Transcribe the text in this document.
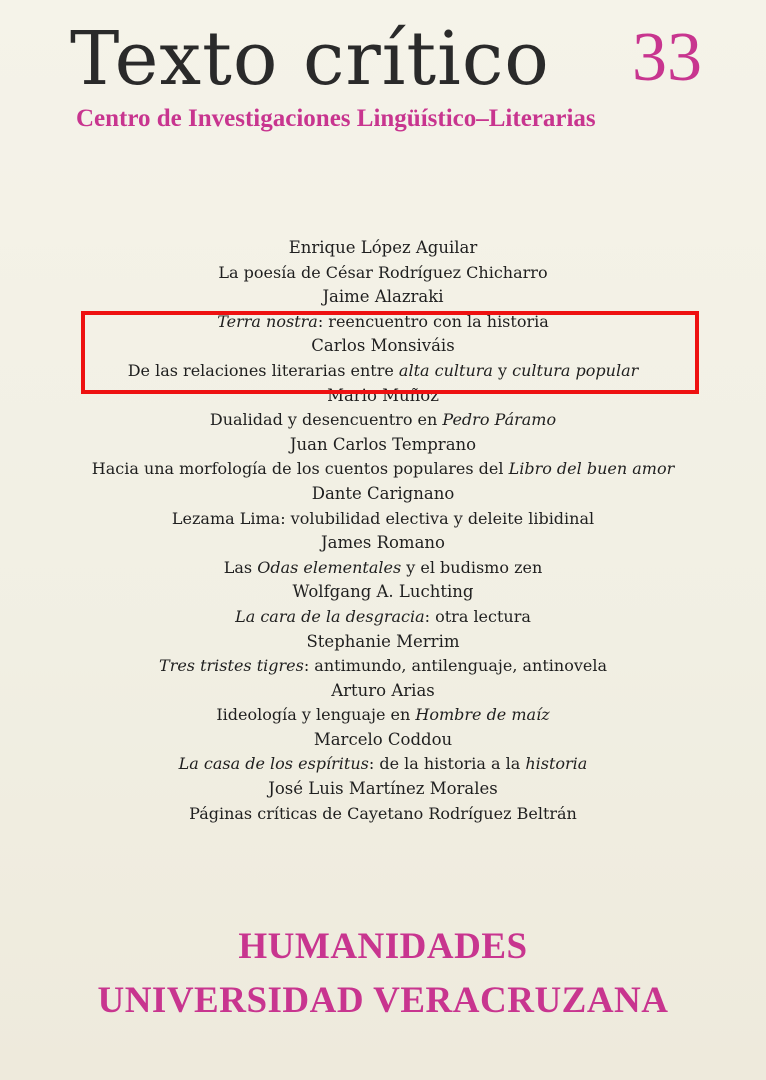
Texto crítico 33
Centro de Investigaciones Lingüístico–Literarias
Enrique López Aguilar
La poesía de César Rodríguez Chicharro
Jaime Alazraki
Terra nostra: reencuentro con la historia
Carlos Monsiváis
De las relaciones literarias entre alta cultura y cultura popular
Mario Muñoz
Dualidad y desencuentro en Pedro Páramo
Juan Carlos Temprano
Hacia una morfología de los cuentos populares del Libro del buen amor
Dante Carignano
Lezama Lima: volubilidad electiva y deleite libidinal
James Romano
Las Odas elementales y el budismo zen
Wolfgang A. Luchting
La cara de la desgracia: otra lectura
Stephanie Merrim
Tres tristes tigres: antimundo, antilenguaje, antinovela
Arturo Arias
Iideología y lenguaje en Hombre de maíz
Marcelo Coddou
La casa de los espíritus: de la historia a la historia
José Luis Martínez Morales
Páginas críticas de Cayetano Rodríguez Beltrán
HUMANIDADES
UNIVERSIDAD VERACRUZANA
